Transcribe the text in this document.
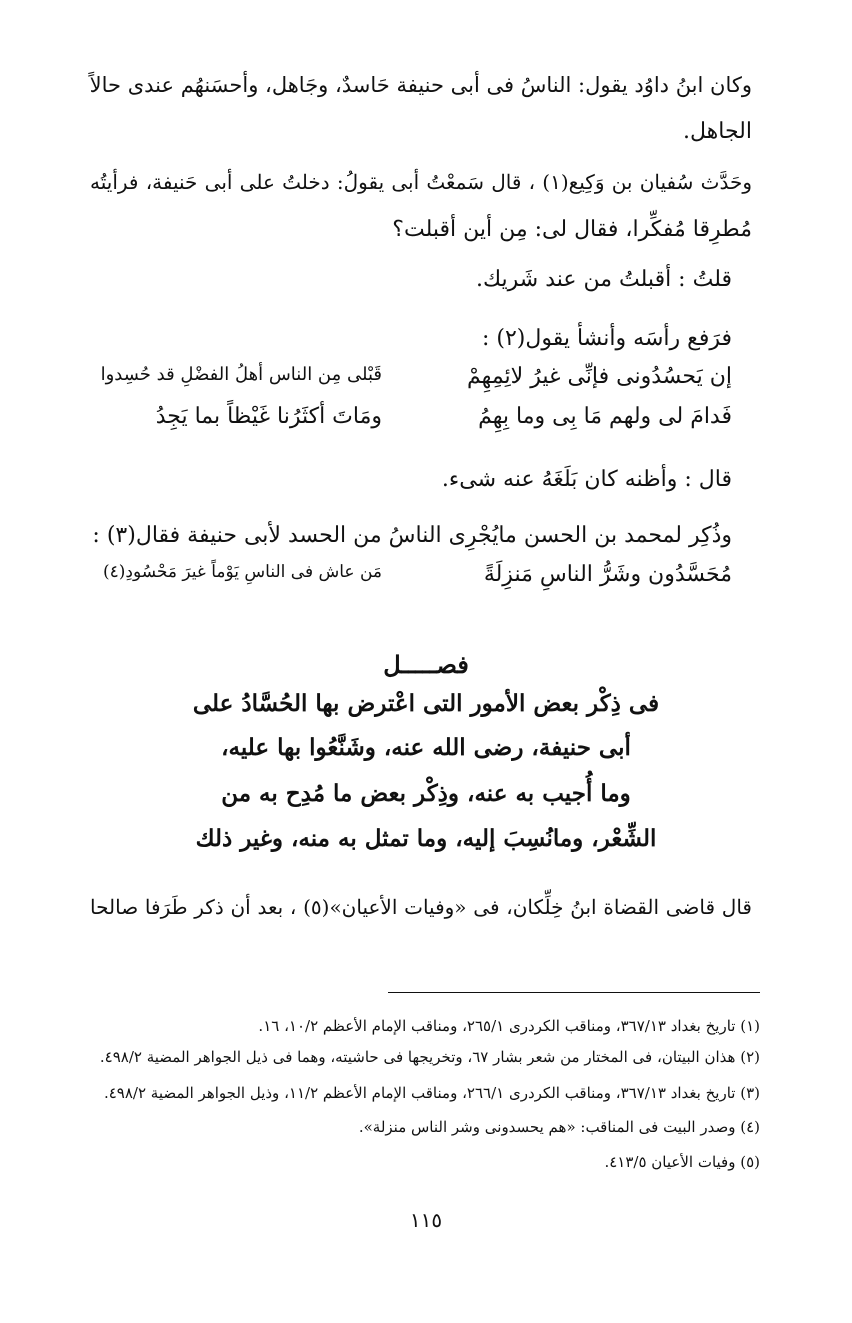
وكان ابنُ داوُد يقول: الناسُ فى أبى حنيفة حَاسدٌ، وجَاهل، وأحسَنهُم عندى حالاً
الجاهل.
وحَدَّث سُفيان بن وَكِيع(١) ، قال سَمعْتُ أبى يقولُ: دخلتُ على أبى حَنيفة، فرأيتُه
مُطرِقا مُفكِّرا، فقال لى: مِن أين أقبلت؟
قلتُ : أقبلتُ من عند شَريك.
فرَفع رأسَه وأنشأ يقول(٢) :
إن يَحسُدُونى فإنِّى غيرُ لائِمِهِمْ
قَبْلى مِن الناس أهلُ الفضْلِ قد حُسِدوا
فَدامَ لى ولهم مَا بِى وما بِهِمُ
ومَاتَ أكثَرُنا غَيْظاً بما يَجِدُ
قال : وأظنه كان بَلَغَهُ عنه شىء.
وذُكِر لمحمد بن الحسن مايُجْرِى الناسُ من الحسد لأبى حنيفة فقال(٣) :
مُحَسَّدُون وشَرُّ الناسِ مَنزِلَةً
مَن عاش فى الناسِ يَوْماً غيرَ مَحْسُودِ(٤)
فصـــــل
فى ذِكْر بعض الأمور التى اعْترض بها الحُسَّادُ على
أبى حنيفة، رضى الله عنه، وشَنَّعُوا بها عليه،
وما أُجيب به عنه، وذِكْر بعض ما مُدِح به من
الشِّعْر، ومانُسِبَ إليه، وما تمثل به منه، وغير ذلك
قال قاضى القضاة ابنُ خِلِّكان، فى «وفيات الأعيان»(٥) ، بعد أن ذكر طَرَفا صالحا
(١) تاريخ بغداد ٣٦٧/١٣، ومناقب الكردرى ٢٦٥/١، ومناقب الإمام الأعظم ١٠/٢، ١٦.
(٢) هذان البيتان، فى المختار من شعر بشار ٦٧، وتخريجها فى حاشيته، وهما فى ذيل الجواهر المضية ٤٩٨/٢.
(٣) تاريخ بغداد ٣٦٧/١٣، ومناقب الكردرى ٢٦٦/١، ومناقب الإمام الأعظم ١١/٢، وذيل الجواهر المضية ٤٩٨/٢.
(٤) وصدر البيت فى المناقب: «هم يحسدونى وشر الناس منزلة».
(٥) وفيات الأعيان ٤١٣/٥.
١١٥
